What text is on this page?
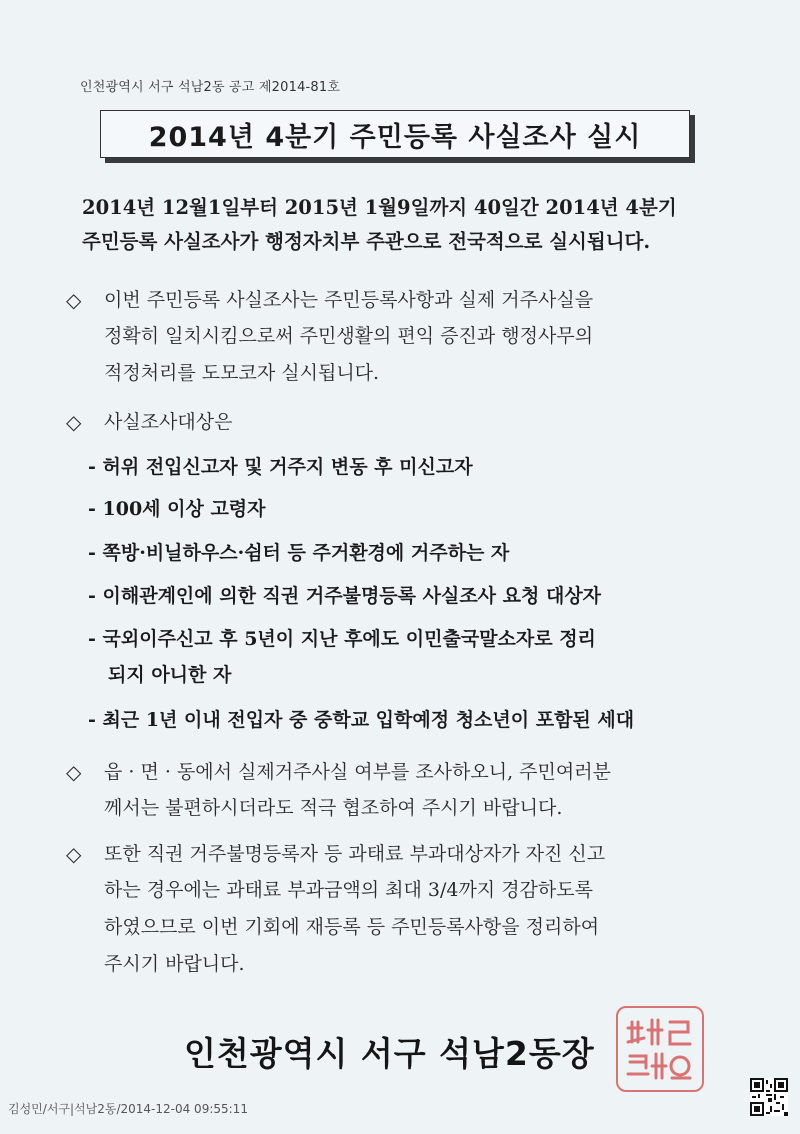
인천광역시 서구 석남2동 공고 제2014-81호
2014년 4분기 주민등록 사실조사 실시
2014년 12월1일부터 2015년 1월9일까지 40일간 2014년 4분기
주민등록 사실조사가 행정자치부 주관으로 전국적으로 실시됩니다.
◇ 이번 주민등록 사실조사는 주민등록사항과 실제 거주사실을
정확히 일치시킴으로써 주민생활의 편익 증진과 행정사무의
적정처리를 도모코자 실시됩니다.
◇ 사실조사대상은
- 허위 전입신고자 및 거주지 변동 후 미신고자
- 100세 이상 고령자
- 쪽방·비닐하우스·쉼터 등 주거환경에 거주하는 자
- 이해관계인에 의한 직권 거주불명등록 사실조사 요청 대상자
- 국외이주신고 후 5년이 지난 후에도 이민출국말소자로 정리
되지 아니한 자
- 최근 1년 이내 전입자 중 중학교 입학예정 청소년이 포함된 세대
◇ 읍 · 면 · 동에서 실제거주사실 여부를 조사하오니, 주민여러분
께서는 불편하시더라도 적극 협조하여 주시기 바랍니다.
◇ 또한 직권 거주불명등록자 등 과태료 부과대상자가 자진 신고
하는 경우에는 과태료 부과금액의 최대 3/4까지 경감하도록
하였으므로 이번 기회에 재등록 등 주민등록사항을 정리하여
주시기 바랍니다.
인천광역시 서구 석남2동장
김성민/서구|석남2동/2014-12-04 09:55:11
